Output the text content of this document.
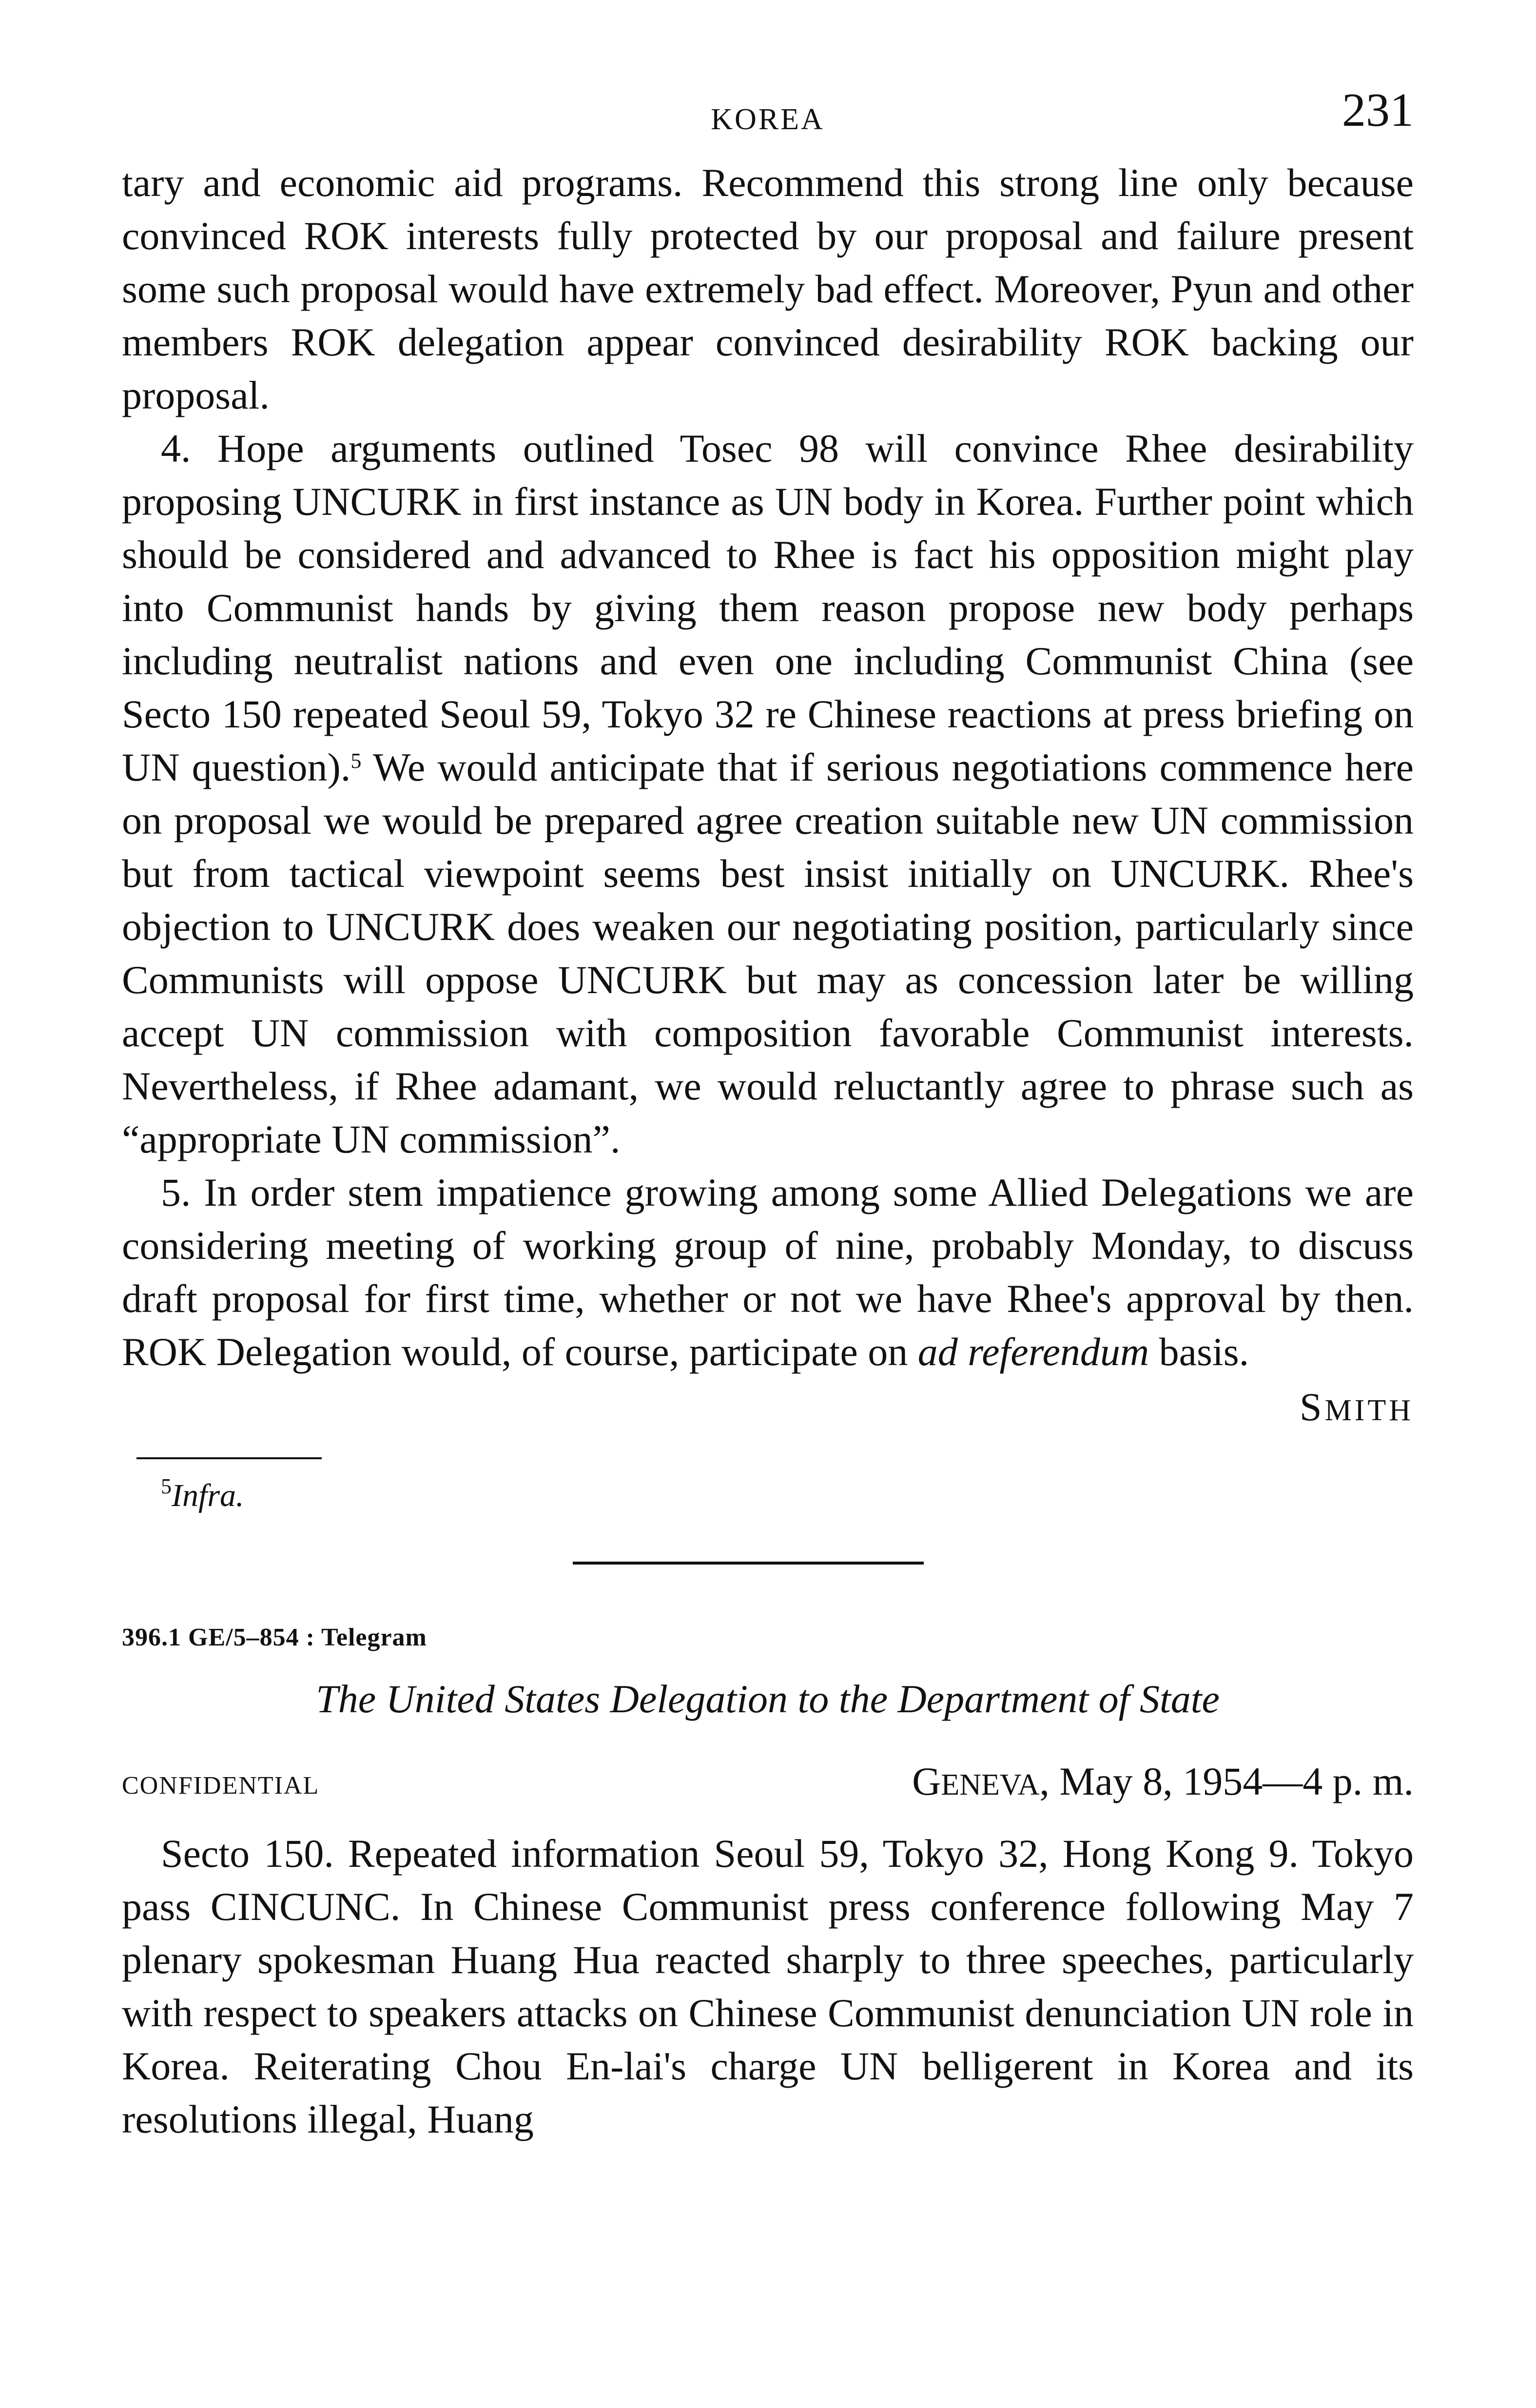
KOREA	231

tary and economic aid programs. Recommend this strong line only because convinced ROK interests fully protected by our proposal and failure present some such proposal would have extremely bad effect. Moreover, Pyun and other members ROK delegation appear convinced desirability ROK backing our proposal.

4. Hope arguments outlined Tosec 98 will convince Rhee desirability proposing UNCURK in first instance as UN body in Korea. Further point which should be considered and advanced to Rhee is fact his opposition might play into Communist hands by giving them reason propose new body perhaps including neutralist nations and even one including Communist China (see Secto 150 repeated Seoul 59, Tokyo 32 re Chinese reactions at press briefing on UN question).$^5$ We would anticipate that if serious negotiations commence here on proposal we would be prepared agree creation suitable new UN commission but from tactical viewpoint seems best insist initially on UNCURK. Rhee's objection to UNCURK does weaken our negotiating position, particularly since Communists will oppose UNCURK but may as concession later be willing accept UN commission with composition favorable Communist interests. Nevertheless, if Rhee adamant, we would reluctantly agree to phrase such as “appropriate UN commission”.

5. In order stem impatience growing among some Allied Delegations we are considering meeting of working group of nine, probably Monday, to discuss draft proposal for first time, whether or not we have Rhee's approval by then. ROK Delegation would, of course, participate on ad referendum basis.

SMITH
$^5$Infra.
396.1 GE/5–854 : Telegram
The United States Delegation to the Department of State
CONFIDENTIAL	GENEVA, May 8, 1954—4 p. m.

Secto 150. Repeated information Seoul 59, Tokyo 32, Hong Kong 9. Tokyo pass CINCUNC. In Chinese Communist press conference following May 7 plenary spokesman Huang Hua reacted sharply to three speeches, particularly with respect to speakers attacks on Chinese Communist denunciation UN role in Korea. Reiterating Chou En-lai's charge UN belligerent in Korea and its resolutions illegal, Huang
